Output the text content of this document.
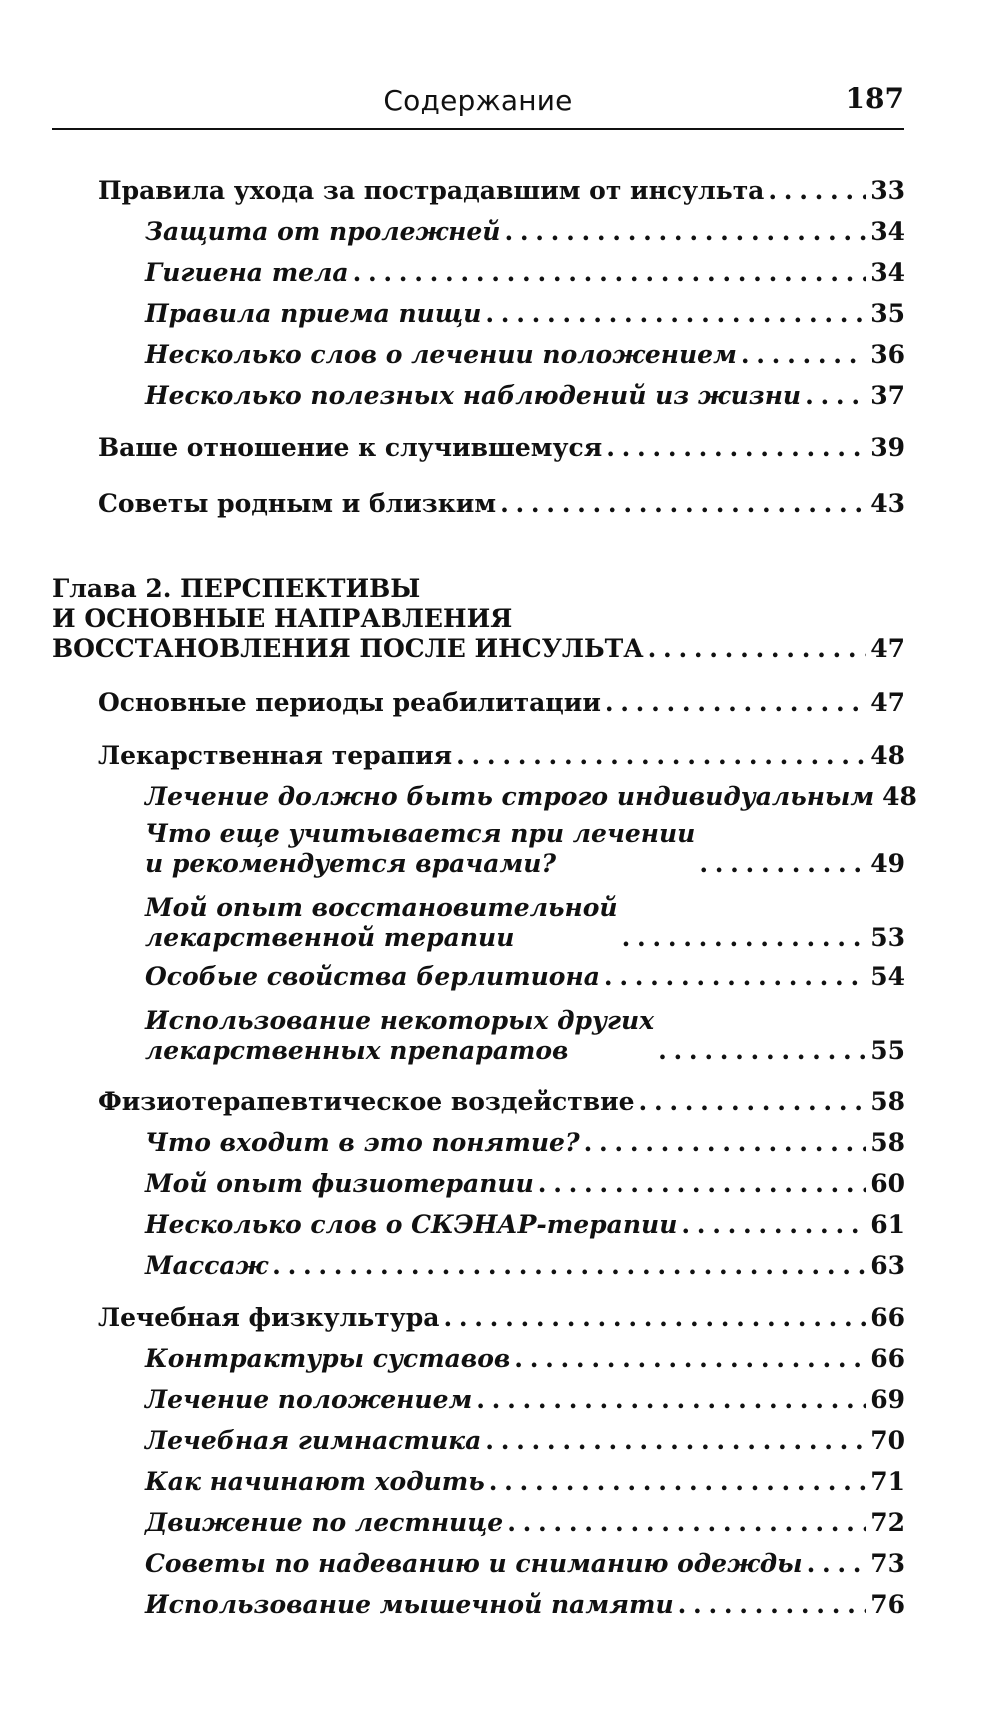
Содержание	187
Правила ухода за пострадавшим от инсульта . . .	33
Защита от пролежней . . .	34
Гигиена тела . . .	34
Правила приема пищи . . .	35
Несколько слов о лечении положением . . .	36
Несколько полезных наблюдений из жизни . . .	37
Ваше отношение к случившемуся . . .	39
Советы родным и близким . . .	43
Глава 2. ПЕРСПЕКТИВЫ
И ОСНОВНЫЕ НАПРАВЛЕНИЯ
ВОССТАНОВЛЕНИЯ ПОСЛЕ ИНСУЛЬТА . . .	47
Основные периоды реабилитации . . .	47
Лекарственная терапия . . .	48
Лечение должно быть строго индивидуальным 48
Что еще учитывается при лечении
и рекомендуется врачами? . . .	49
Мой опыт восстановительной
лекарственной терапии . . .	53
Особые свойства берлитиона . . .	54
Использование некоторых других
лекарственных препаратов . . .	55
Физиотерапевтическое воздействие . . .	58
Что входит в это понятие? . . .	58
Мой опыт физиотерапии . . .	60
Несколько слов о СКЭНАР-терапии . . .	61
Массаж . . .	63
Лечебная физкультура . . .	66
Контрактуры суставов . . .	66
Лечение положением . . .	69
Лечебная гимнастика . . .	70
Как начинают ходить . . .	71
Движение по лестнице . . .	72
Советы по надеванию и сниманию одежды . . .	73
Использование мышечной памяти . . .	76
